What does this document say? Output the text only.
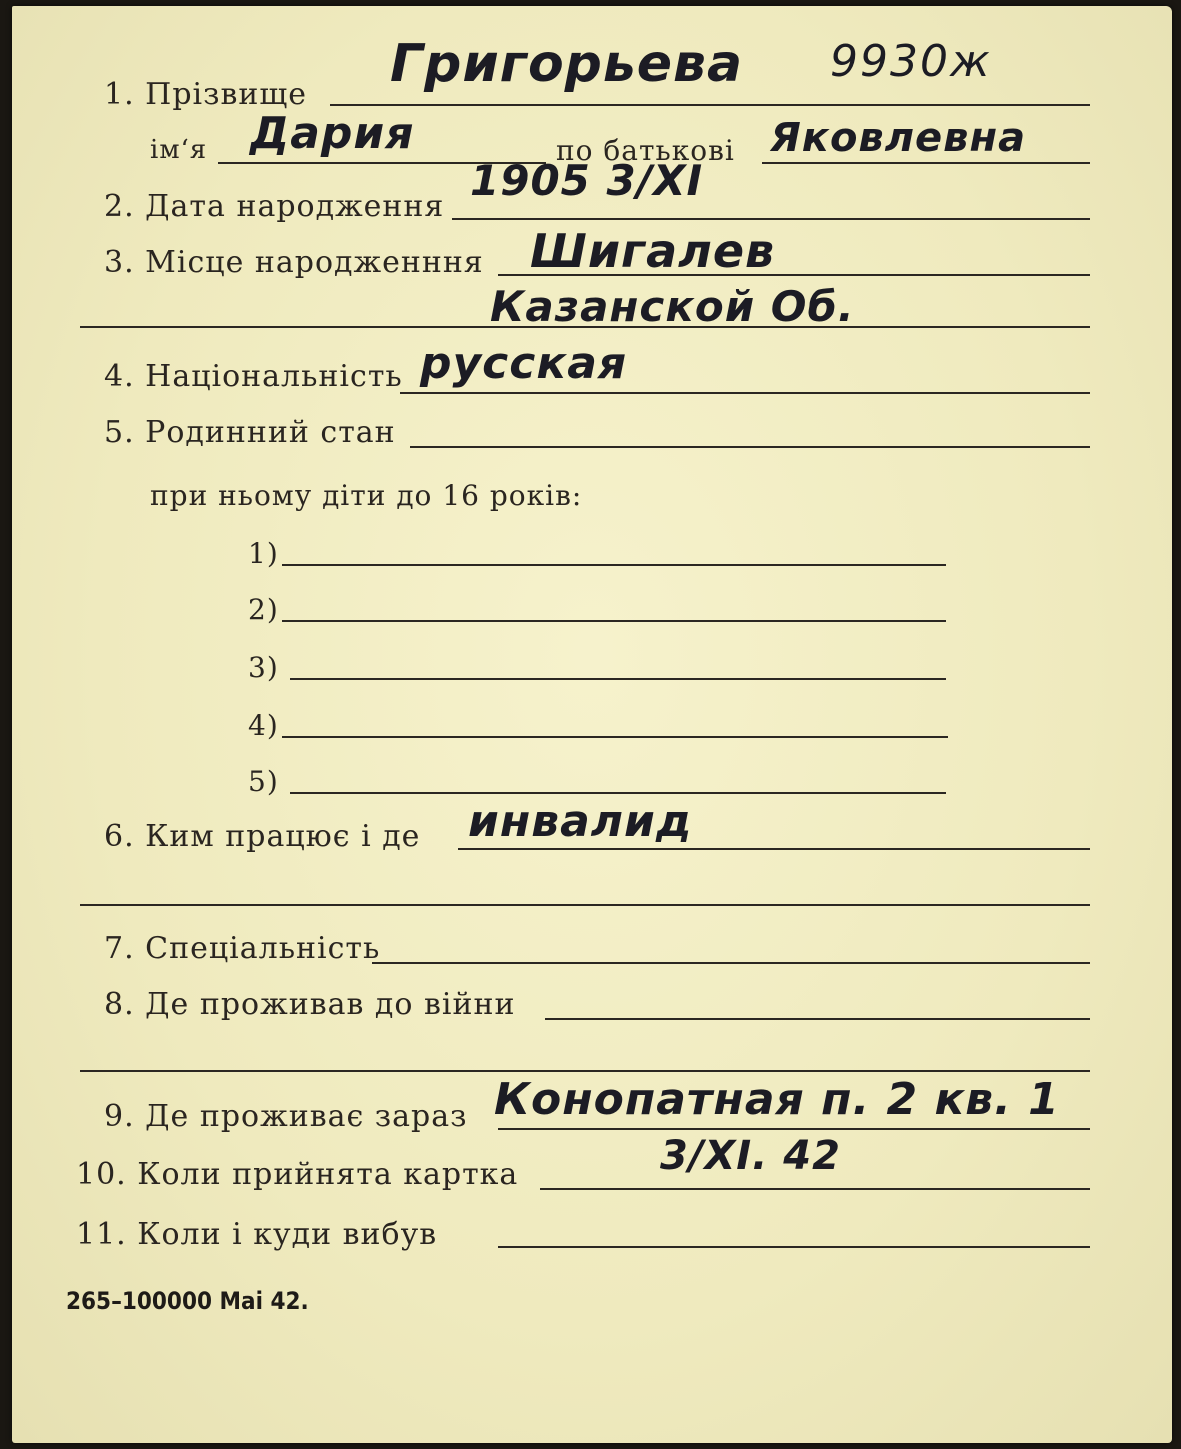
1. Прізвище
Григорьева 9930ж
ім‘я Дария	по батькові Яковлевна
2. Дата народження
1905 3/XI
3. Місце народженння Шигалев
Казанской Об.
4. Національність русская
5. Родинний стан
при ньому діти до 16 років:
1)
2)
3)
4)
5)
6. Ким працює і де инвалид
7. Спеціальність
8. Де проживав до війни
9. Де проживає зараз Конопатная п. 2 кв. 1
10. Коли прийнята картка	3/XI. 42
11. Коли і куди вибув
265–100000 Mai 42.
